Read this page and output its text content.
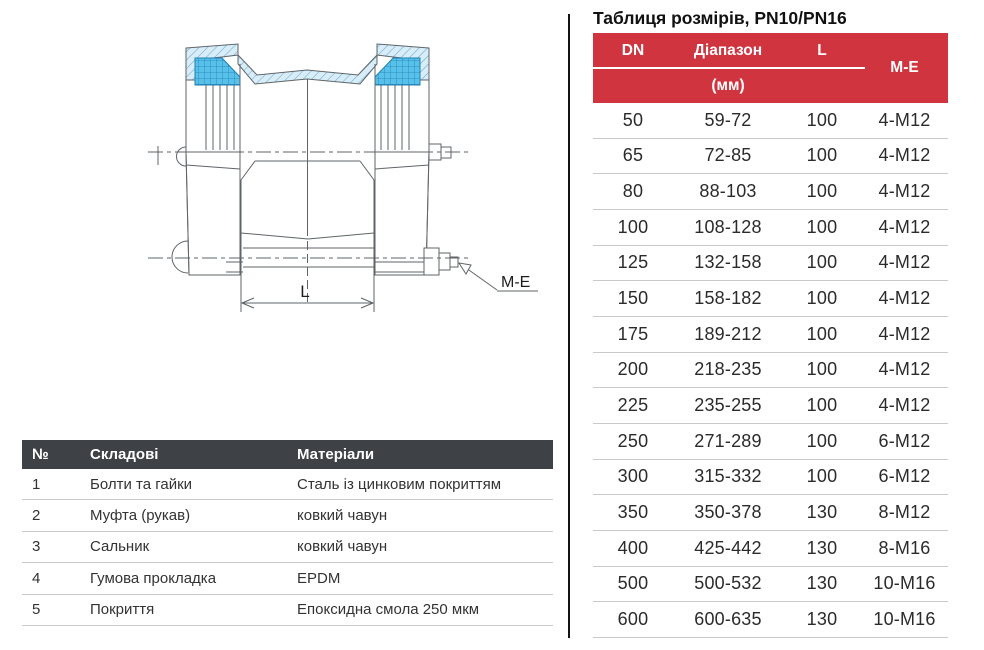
L	M-E
№	Складові	Матеріали
1	Болти та гайки	Сталь із цинковим покриттям
2	Муфта (рукав)	ковкий чавун
3	Сальник	ковкий чавун
4	Гумова прокладка	EPDM
5	Покриття	Епоксидна смола 250 мкм
Таблиця розмірів, PN10/PN16
DN	Діапазон	L
M-E
(мм)
50	59-72	100	4-M12
65	72-85	100	4-M12
80	88-103	100	4-M12
100	108-128	100	4-M12
125	132-158	100	4-M12
150	158-182	100	4-M12
175	189-212	100	4-M12
200	218-235	100	4-M12
225	235-255	100	4-M12
250	271-289	100	6-M12
300	315-332	100	6-M12
350	350-378	130	8-M12
400	425-442	130	8-M16
500	500-532	130	10-M16
600	600-635	130	10-M16
